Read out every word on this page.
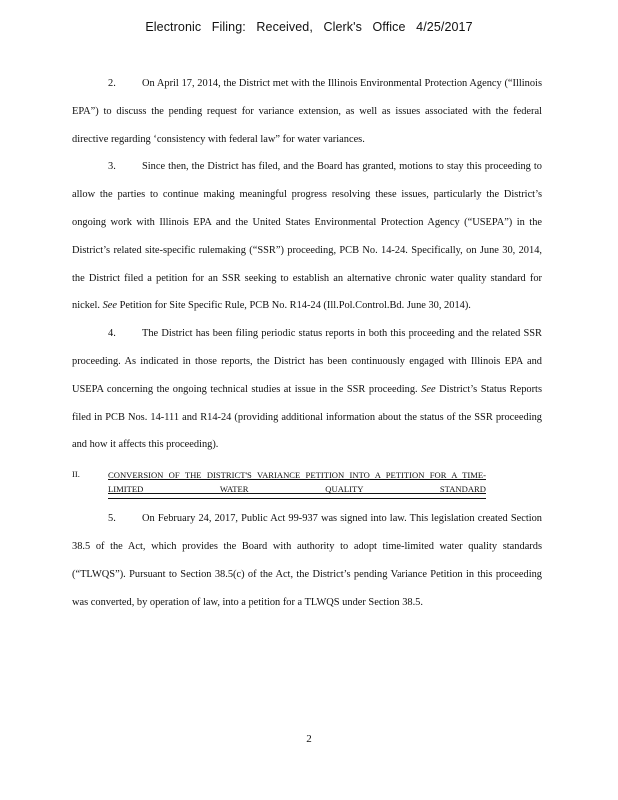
Electronic Filing: Received, Clerk's Office 4/25/2017

2.	On April 17, 2014, the District met with the Illinois Environmental Protection Agency (“Illinois EPA”) to discuss the pending request for variance extension, as well as issues associated with the federal directive regarding ‘consistency with federal law” for water variances.

3.	Since then, the District has filed, and the Board has granted, motions to stay this proceeding to allow the parties to continue making meaningful progress resolving these issues, particularly the District’s ongoing work with Illinois EPA and the United States Environmental Protection Agency (“USEPA”) in the District’s related site-specific rulemaking (“SSR”) proceeding, PCB No. 14-24. Specifically, on June 30, 2014, the District filed a petition for an SSR seeking to establish an alternative chronic water quality standard for nickel. See Petition for Site Specific Rule, PCB No. R14-24 (Ill.Pol.Control.Bd. June 30, 2014).

4.	The District has been filing periodic status reports in both this proceeding and the related SSR proceeding. As indicated in those reports, the District has been continuously engaged with Illinois EPA and USEPA concerning the ongoing technical studies at issue in the SSR proceeding. See District’s Status Reports filed in PCB Nos. 14-111 and R14-24 (providing additional information about the status of the SSR proceeding and how it affects this proceeding).

II.	CONVERSION OF THE DISTRICT'S VARIANCE PETITION INTO A PETITION FOR A TIME-LIMITED WATER QUALITY STANDARD

5.	On February 24, 2017, Public Act 99-937 was signed into law. This legislation created Section 38.5 of the Act, which provides the Board with authority to adopt time-limited water quality standards (“TLWQS”). Pursuant to Section 38.5(c) of the Act, the District’s pending Variance Petition in this proceeding was converted, by operation of law, into a petition for a TLWQS under Section 38.5.

2
